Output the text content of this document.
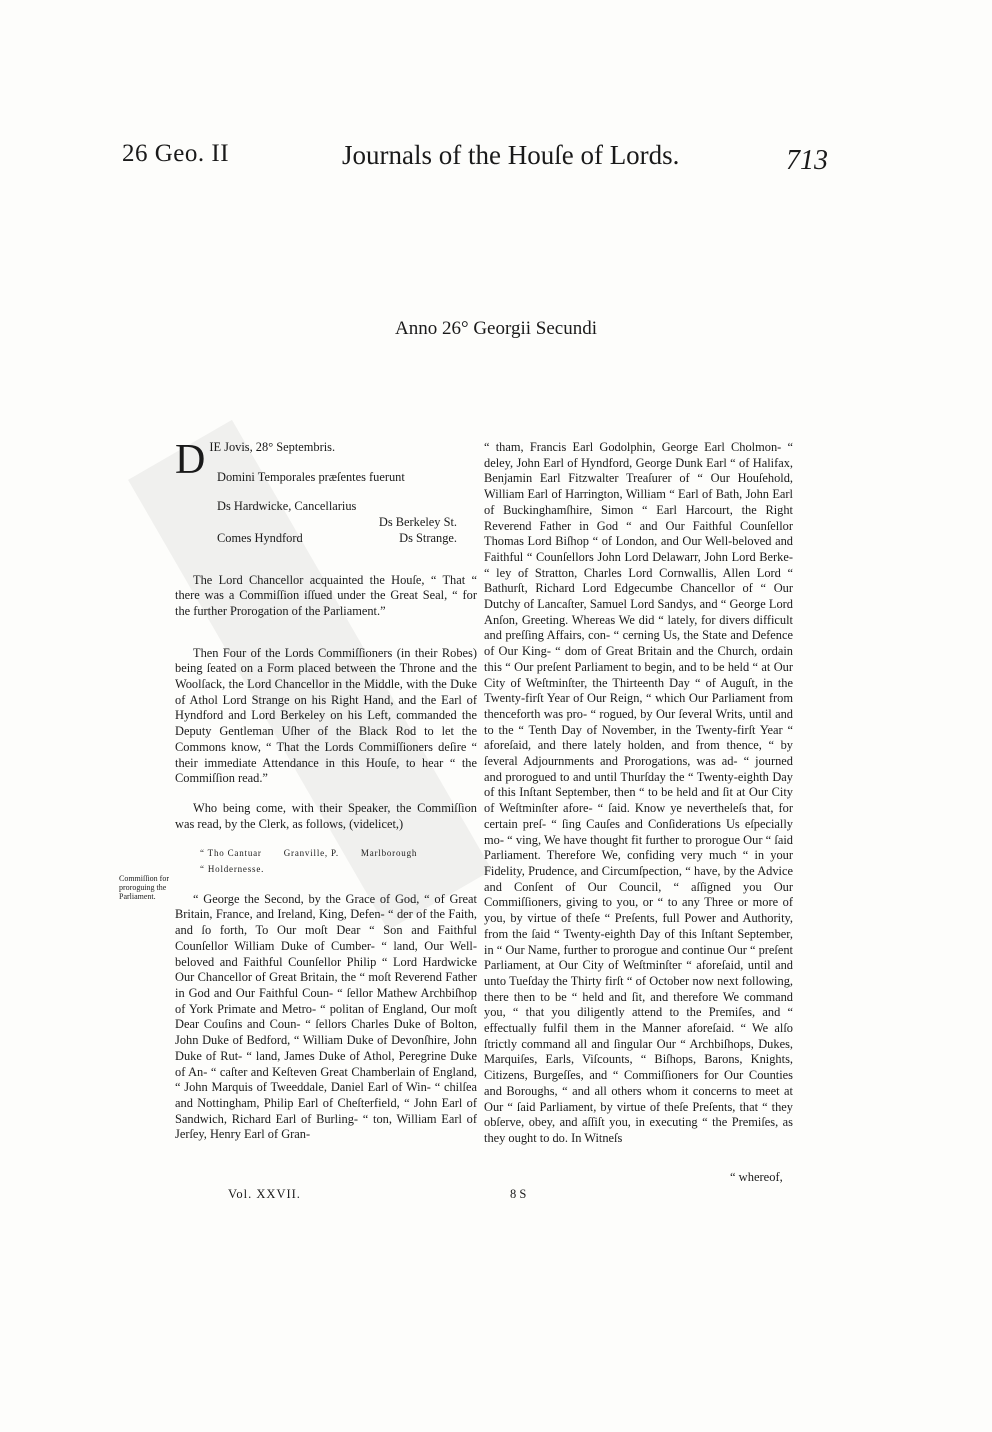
26 Geo. II	Journals of the Houſe of Lords.	713
Anno 26° Georgii Secundi

D IE Jovis, 28° Septembris.

Domini Temporales præſentes fuerunt

Ds Hardwicke, Cancellarius
Ds Berkeley St.
Comes Hyndford	Ds Strange.

The Lord Chancellor acquainted the Houſe, “ That “ there was a Commiſſion iſſued under the Great Seal, “ for the further Prorogation of the Parliament.”

Then Four of the Lords Commiſſioners (in their Robes) being ſeated on a Form placed between the Throne and the Woolſack, the Lord Chancellor in the Middle, with the Duke of Athol Lord Strange on his Right Hand, and the Earl of Hyndford and Lord Berkeley on his Left, commanded the Deputy Gentleman Uſher of the Black Rod to let the Commons know, “ That the Lords Commiſſioners deſire “ their immediate Attendance in this Houſe, to hear “ the Commiſſion read.”

Who being come, with their Speaker, the Commiſſion was read, by the Clerk, as follows, (videlicet,)

“ Tho Cantuar Granville, P. Marlborough
“ Holdernesse.

“ George the Second, by the Grace of God, “ of Great Britain, France, and Ireland, King, Defen- “ der of the Faith, and ſo forth, To Our moſt Dear “ Son and Faithful Counſellor William Duke of Cumber- “ land, Our Well-beloved and Faithful Counſellor Philip “ Lord Hardwicke Our Chancellor of Great Britain, the “ moſt Reverend Father in God and Our Faithful Coun- “ ſellor Mathew Archbiſhop of York Primate and Metro- “ politan of England, Our moſt Dear Couſins and Coun- “ ſellors Charles Duke of Bolton, John Duke of Bedford, “ William Duke of Devonſhire, John Duke of Rut- “ land, James Duke of Athol, Peregrine Duke of An- “ caſter and Keſteven Great Chamberlain of England, “ John Marquis of Tweeddale, Daniel Earl of Win- “ chilſea and Nottingham, Philip Earl of Cheſterfield, “ John Earl of Sandwich, Richard Earl of Burling- “ ton, William Earl of Jerſey, Henry Earl of Gran-

Commiſſion for proroguing the Parliament.

“ tham, Francis Earl Godolphin, George Earl Cholmon- “ deley, John Earl of Hyndford, George Dunk Earl “ of Halifax, Benjamin Earl Fitzwalter Treaſurer of “ Our Houſehold, William Earl of Harrington, William “ Earl of Bath, John Earl of Buckinghamſhire, Simon “ Earl Harcourt, the Right Reverend Father in God “ and Our Faithful Counſellor Thomas Lord Biſhop “ of London, and Our Well-beloved and Faithful “ Counſellors John Lord Delawarr, John Lord Berke- “ ley of Stratton, Charles Lord Cornwallis, Allen Lord “ Bathurſt, Richard Lord Edgecumbe Chancellor of “ Our Dutchy of Lancaſter, Samuel Lord Sandys, and “ George Lord Anſon, Greeting. Whereas We did “ lately, for divers difficult and preſſing Affairs, con- “ cerning Us, the State and Defence of Our King- “ dom of Great Britain and the Church, ordain this “ Our preſent Parliament to begin, and to be held “ at Our City of Weſtminſter, the Thirteenth Day “ of Auguſt, in the Twenty-firſt Year of Our Reign, “ which Our Parliament from thenceforth was pro- “ rogued, by Our ſeveral Writs, until and to the “ Tenth Day of November, in the Twenty-firſt Year “ aforeſaid, and there lately holden, and from thence, “ by ſeveral Adjournments and Prorogations, was ad- “ journed and prorogued to and until Thurſday the “ Twenty-eighth Day of this Inſtant September, then “ to be held and ſit at Our City of Weſtminſter afore- “ ſaid. Know ye nevertheleſs that, for certain preſ- “ ſing Cauſes and Conſiderations Us eſpecially mo- “ ving, We have thought fit further to prorogue Our “ ſaid Parliament. Therefore We, confiding very much “ in your Fidelity, Prudence, and Circumſpection, “ have, by the Advice and Conſent of Our Council, “ aſſigned you Our Commiſſioners, giving to you, or “ to any Three or more of you, by virtue of theſe “ Preſents, full Power and Authority, from the ſaid “ Twenty-eighth Day of this Inſtant September, in “ Our Name, further to prorogue and continue Our “ preſent Parliament, at Our City of Weſtminſter “ aforeſaid, until and unto Tueſday the Thirty firſt “ of October now next following, there then to be “ held and ſit, and therefore We command you, “ that you diligently attend to the Premiſes, and “ effectually fulfil them in the Manner aforeſaid. “ We alſo ſtrictly command all and ſingular Our “ Archbiſhops, Dukes, Marquiſes, Earls, Viſcounts, “ Biſhops, Barons, Knights, Citizens, Burgeſſes, and “ Commiſſioners for Our Counties and Boroughs, “ and all others whom it concerns to meet at Our “ ſaid Parliament, by virtue of theſe Preſents, that “ they obſerve, obey, and aſſiſt you, in executing “ the Premiſes, as they ought to do. In Witneſs

Vol. XXVII.	8 S
“ whereof,
